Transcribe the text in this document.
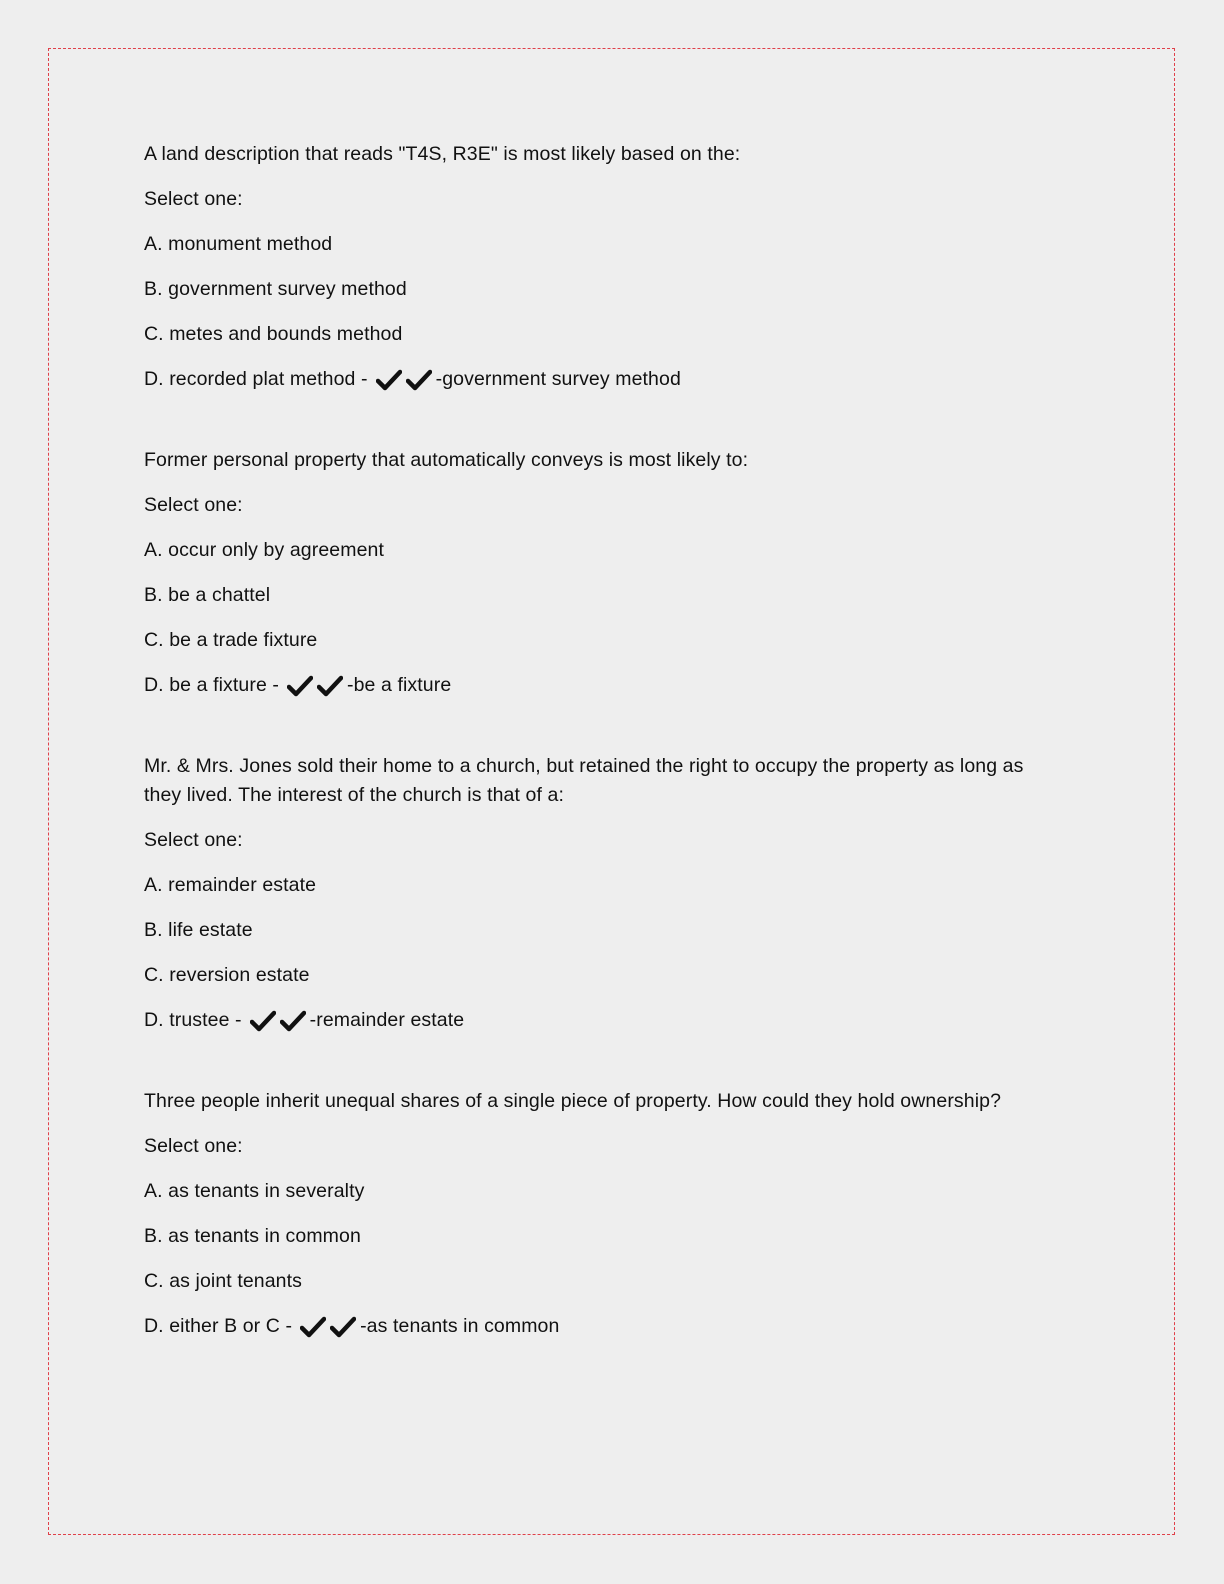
A land description that reads "T4S, R3E" is most likely based on the:

Select one:

A. monument method

B. government survey method

C. metes and bounds method

D. recorded plat method -	-government survey method

Former personal property that automatically conveys is most likely to:

Select one:

A. occur only by agreement

B. be a chattel

C. be a trade fixture

D. be a fixture -	-be a fixture

Mr. & Mrs. Jones sold their home to a church, but retained the right to occupy the property as long as they lived. The interest of the church is that of a:

Select one:

A. remainder estate

B. life estate

C. reversion estate

D. trustee -	-remainder estate

Three people inherit unequal shares of a single piece of property. How could they hold ownership?

Select one:

A. as tenants in severalty

B. as tenants in common

C. as joint tenants

D. either B or C -	-as tenants in common
